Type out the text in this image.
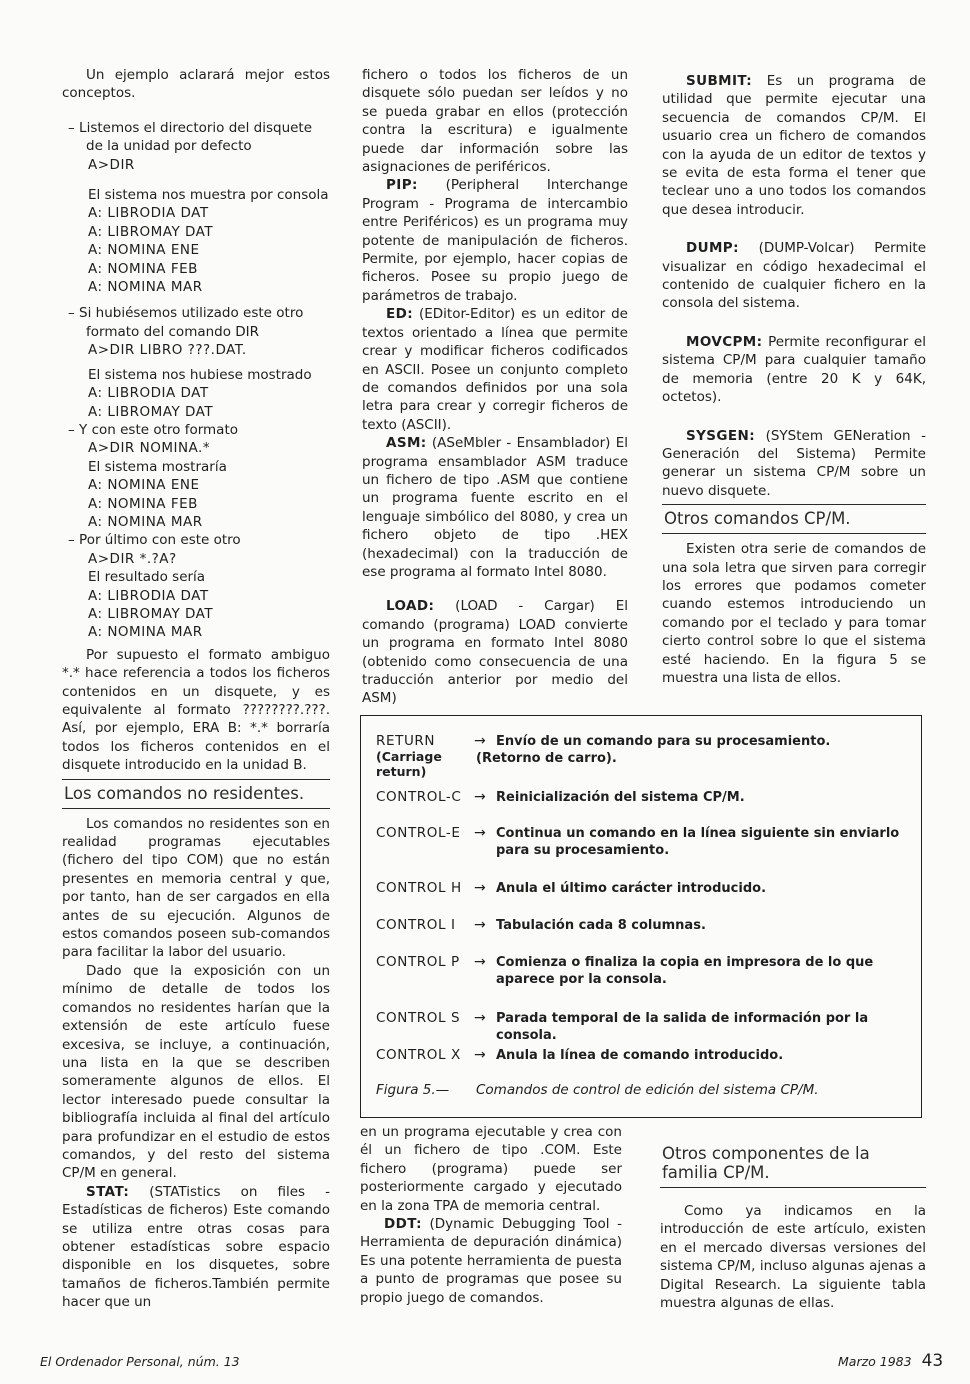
Un ejemplo aclarará mejor estos conceptos.

– Listemos el directorio del disquete de la unidad por defecto

A>DIR

El sistema nos muestra por consola

A: LIBRODIA DAT

A: LIBROMAY DAT

A: NOMINA ENE

A: NOMINA FEB

A: NOMINA MAR

– Si hubiésemos utilizado este otro formato del comando DIR

A>DIR LIBRO ???.DAT.

El sistema nos hubiese mostrado

A: LIBRODIA DAT

A: LIBROMAY DAT

– Y con este otro formato

A>DIR NOMINA.*

El sistema mostraría

A: NOMINA ENE

A: NOMINA FEB

A: NOMINA MAR

– Por último con este otro

A>DIR *.?A?

El resultado sería

A: LIBRODIA DAT

A: LIBROMAY DAT

A: NOMINA MAR

Por supuesto el formato ambiguo *.* hace referencia a todos los ficheros contenidos en un disquete, y es equivalente al formato ????????.???. Así, por ejemplo, ERA B: *.* borraría todos los ficheros contenidos en el disquete introducido en la unidad B.

Los comandos no residentes.

Los comandos no residentes son en realidad programas ejecutables (fichero del tipo COM) que no están presentes en memoria central y que, por tanto, han de ser cargados en ella antes de su ejecución. Algunos de estos comandos poseen sub-comandos para facilitar la labor del usuario.

Dado que la exposición con un mínimo de detalle de todos los comandos no residentes harían que la extensión de este artículo fuese excesiva, se incluye, a continuación, una lista en la que se describen someramente algunos de ellos. El lector interesado puede consultar la bibliografía incluida al final del artículo para profundizar en el estudio de estos comandos, y del resto del sistema CP/M en general.

STAT: (STATistics on files - Estadísticas de ficheros) Este comando se utiliza entre otras cosas para obtener estadísticas sobre espacio disponible en los disquetes, sobre tamaños de ficheros.También permite hacer que un

fichero o todos los ficheros de un disquete sólo puedan ser leídos y no se pueda grabar en ellos (protección contra la escritura) e igualmente puede dar información sobre las asignaciones de periféricos.

PIP: (Peripheral Interchange Program - Programa de intercambio entre Periféricos) es un programa muy potente de manipulación de ficheros. Permite, por ejemplo, hacer copias de ficheros. Posee su propio juego de parámetros de trabajo.

ED: (EDitor-Editor) es un editor de textos orientado a línea que permite crear y modificar ficheros codificados en ASCII. Posee un conjunto completo de comandos definidos por una sola letra para crear y corregir ficheros de texto (ASCII).

ASM: (ASeMbler - Ensamblador) El programa ensamblador ASM traduce un fichero de tipo .ASM que contiene un programa fuente escrito en el lenguaje simbólico del 8080, y crea un fichero objeto de tipo .HEX (hexadecimal) con la traducción de ese programa al formato Intel 8080.

LOAD: (LOAD - Cargar) El comando (programa) LOAD convierte un programa en formato Intel 8080 (obtenido como consecuencia de una traducción anterior por medio del ASM)

SUBMIT: Es un programa de utilidad que permite ejecutar una secuencia de comandos CP/M. El usuario crea un fichero de comandos con la ayuda de un editor de textos y se evita de esta forma el tener que teclear uno a uno todos los comandos que desea introducir.

DUMP: (DUMP-Volcar) Permite visualizar en código hexadecimal el contenido de cualquier fichero en la consola del sistema.

MOVCPM: Permite reconfigurar el sistema CP/M para cualquier tamaño de memoria (entre 20 K y 64K, octetos).

SYSGEN: (SYStem GENeration - Generación del Sistema) Permite generar un sistema CP/M sobre un nuevo disquete.

Otros comandos CP/M.

Existen otra serie de comandos de una sola letra que sirven para corregir los errores que podamos cometer cuando estemos introduciendo un comando por el teclado y para tomar cierto control sobre lo que el sistema esté haciendo. En la figura 5 se muestra una lista de ellos.

RETURN
(Carriage return)
→ Envío de un comando para su procesamiento.
(Retorno de carro).
CONTROL-C → Reinicialización del sistema CP/M.
CONTROL-E → Continua un comando en la línea siguiente sin enviarlo para su procesamiento.
CONTROL H → Anula el último carácter introducido.
CONTROL I	→ Tabulación cada 8 columnas.
CONTROL P	→ Comienza o finaliza la copia en impresora de lo que aparece por la consola.
CONTROL S → Parada temporal de la salida de información por la consola.
CONTROL X → Anula la línea de comando introducido.
Figura 5.— Comandos de control de edición del sistema CP/M.

en un programa ejecutable y crea con él un fichero de tipo .COM. Este fichero (programa) puede ser posteriormente cargado y ejecutado en la zona TPA de memoria central.

DDT: (Dynamic Debugging Tool - Herramienta de depuración dinámica) Es una potente herramienta de puesta a punto de programas que posee su propio juego de comandos.

Otros componentes de la familia CP/M.

Como ya indicamos en la introducción de este artículo, existen en el mercado diversas versiones del sistema CP/M, incluso algunas ajenas a Digital Research. La siguiente tabla muestra algunas de ellas.

El Ordenador Personal, núm. 13	Marzo 1983 43
